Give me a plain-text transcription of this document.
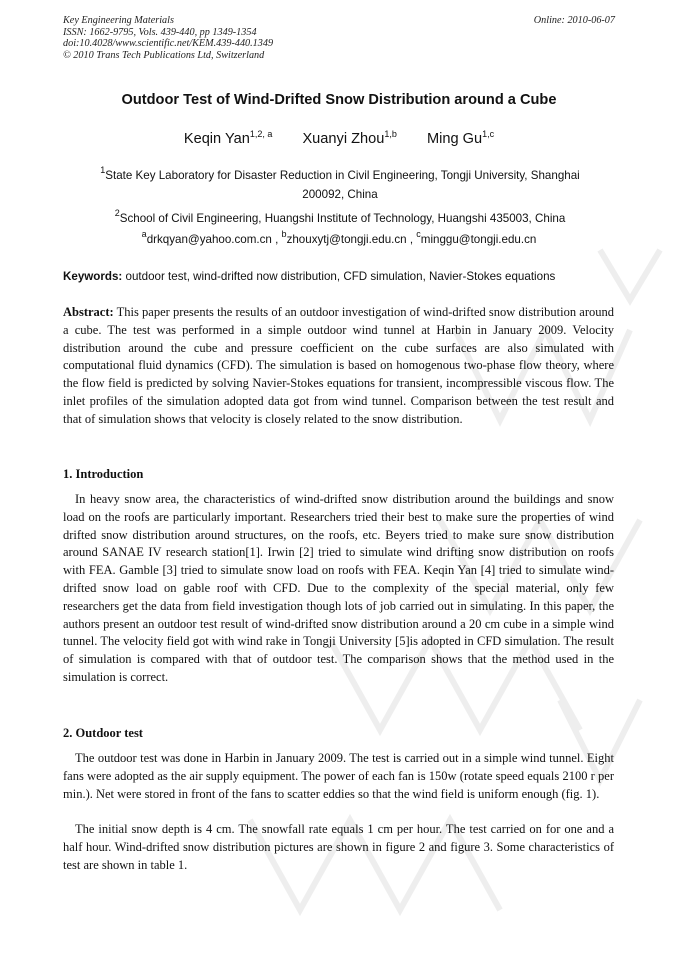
Key Engineering Materials
ISSN: 1662-9795, Vols. 439-440, pp 1349-1354
doi:10.4028/www.scientific.net/KEM.439-440.1349
© 2010 Trans Tech Publications Ltd, Switzerland
Online: 2010-06-07
Outdoor Test of Wind-Drifted Snow Distribution around a Cube
Keqin Yan$^{1,2, a}$ Xuanyi Zhou$^{1,b}$ Ming Gu$^{1,c}$
$^1$State Key Laboratory for Disaster Reduction in Civil Engineering, Tongji University, Shanghai 200092, China
$^2$School of Civil Engineering, Huangshi Institute of Technology, Huangshi 435003, China
$^a$drkqyan@yahoo.com.cn , $^b$zhouxytj@tongji.edu.cn , $^c$minggu@tongji.edu.cn
Keywords: outdoor test, wind-drifted now distribution, CFD simulation, Navier-Stokes equations

Abstract: This paper presents the results of an outdoor investigation of wind-drifted snow distribution around a cube. The test was performed in a simple outdoor wind tunnel at Harbin in January 2009. Velocity distribution around the cube and pressure coefficient on the cube surfaces are also simulated with computational fluid dynamics (CFD). The simulation is based on homogenous two-phase flow theory, where the flow field is predicted by solving Navier-Stokes equations for transient, incompressible viscous flow. The inlet profiles of the simulation adopted data got from wind tunnel. Comparison between the test result and that of simulation shows that velocity is closely related to the snow distribution.

1. Introduction

In heavy snow area, the characteristics of wind-drifted snow distribution around the buildings and snow load on the roofs are particularly important. Researchers tried their best to make sure the properties of wind drifted snow distribution around structures, on the roofs, etc. Beyers tried to make sure snow distribution around SANAE IV research station[1]. Irwin [2] tried to simulate wind drifting snow distribution on roofs with FEA. Gamble [3] tried to simulate snow load on roofs with FEA. Keqin Yan [4] tried to simulate wind-drifted snow load on gable roof with CFD. Due to the complexity of the special material, only few researchers get the data from field investigation though lots of job carried out in simulating. In this paper, the authors present an outdoor test result of wind-drifted snow distribution around a 20 cm cube in a simple wind tunnel. The velocity field got with wind rake in Tongji University [5]is adopted in CFD simulation. The result of simulation is compared with that of outdoor test. The comparison shows that the method used in the simulation is correct.

2. Outdoor test

The outdoor test was done in Harbin in January 2009. The test is carried out in a simple wind tunnel. Eight fans were adopted as the air supply equipment. The power of each fan is 150w (rotate speed equals 2100 r per min.). Net were stored in front of the fans to scatter eddies so that the wind field is uniform enough (fig. 1).

The initial snow depth is 4 cm. The snowfall rate equals 1 cm per hour. The test carried on for one and a half hour. Wind-drifted snow distribution pictures are shown in figure 2 and figure 3. Some characteristics of test are shown in table 1.
